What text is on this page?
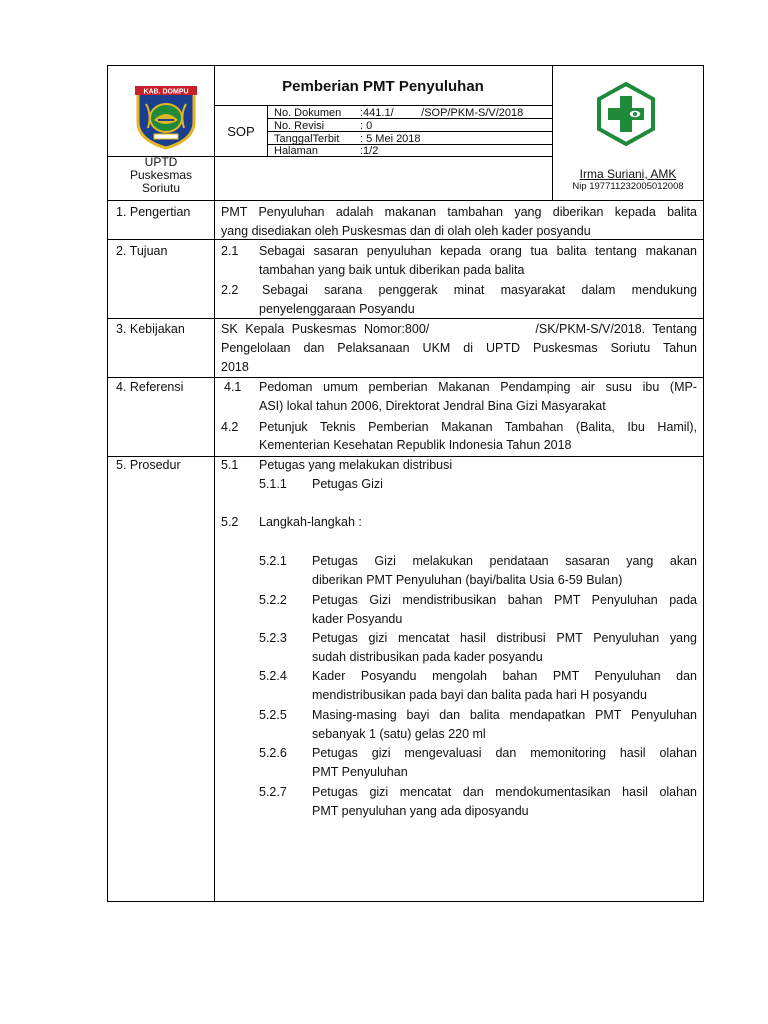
KAB. DOMPU	Pemberian PMT Penyuluhan
SOP
No. Dokumen :441.1/         /SOP/PKM-S/V/2018
No. Revisi	: 0
TanggalTerbit : 5 Mei 2018
Halaman	:1/2
UPTD
Puskesmas
Soriutu
Irma Suriani, AMK
Nip 197711232005012008
1. Pengertian PMT Penyuluhan adalah makanan tambahan yang diberikan kepada balita
yang disediakan oleh Puskesmas dan di olah oleh kader posyandu
2. Tujuan	2.1 Sebagai sasaran penyuluhan kepada orang tua balita tentang makanan
tambahan yang baik untuk diberikan pada balita
2.2 Sebagai sarana penggerak minat masyarakat dalam mendukung
penyelenggaraan Posyandu
3. Kebijakan	SK Kepala Puskesmas Nomor:800/              /SK/PKM-S/V/2018. Tentang
Pengelolaan dan Pelaksanaan UKM di UPTD Puskesmas Soriutu Tahun
2018
4. Referensi	4.1 Pedoman umum pemberian Makanan Pendamping air susu ibu (MP-
ASI) lokal tahun 2006, Direktorat Jendral Bina Gizi Masyarakat
4.2 Petunjuk Teknis Pemberian Makanan Tambahan (Balita, Ibu Hamil),
Kementerian Kesehatan Republik Indonesia Tahun 2018
5. Prosedur	5.1 Petugas yang melakukan distribusi
5.1.1 Petugas Gizi
5.2 Langkah-langkah :
5.2.1 Petugas Gizi melakukan pendataan sasaran yang akan
diberikan PMT Penyuluhan (bayi/balita Usia 6-59 Bulan)
5.2.2 Petugas Gizi mendistribusikan bahan PMT Penyuluhan pada
kader Posyandu
5.2.3 Petugas gizi mencatat hasil distribusi PMT Penyuluhan yang
sudah distribusikan pada kader posyandu
5.2.4 Kader Posyandu mengolah bahan PMT Penyuluhan dan
mendistribusikan pada bayi dan balita pada hari H posyandu
5.2.5 Masing-masing bayi dan balita mendapatkan PMT Penyuluhan
sebanyak 1 (satu) gelas 220 ml
5.2.6 Petugas gizi mengevaluasi dan memonitoring hasil olahan
PMT Penyuluhan
5.2.7 Petugas gizi mencatat dan mendokumentasikan hasil olahan
PMT penyuluhan yang ada diposyandu
